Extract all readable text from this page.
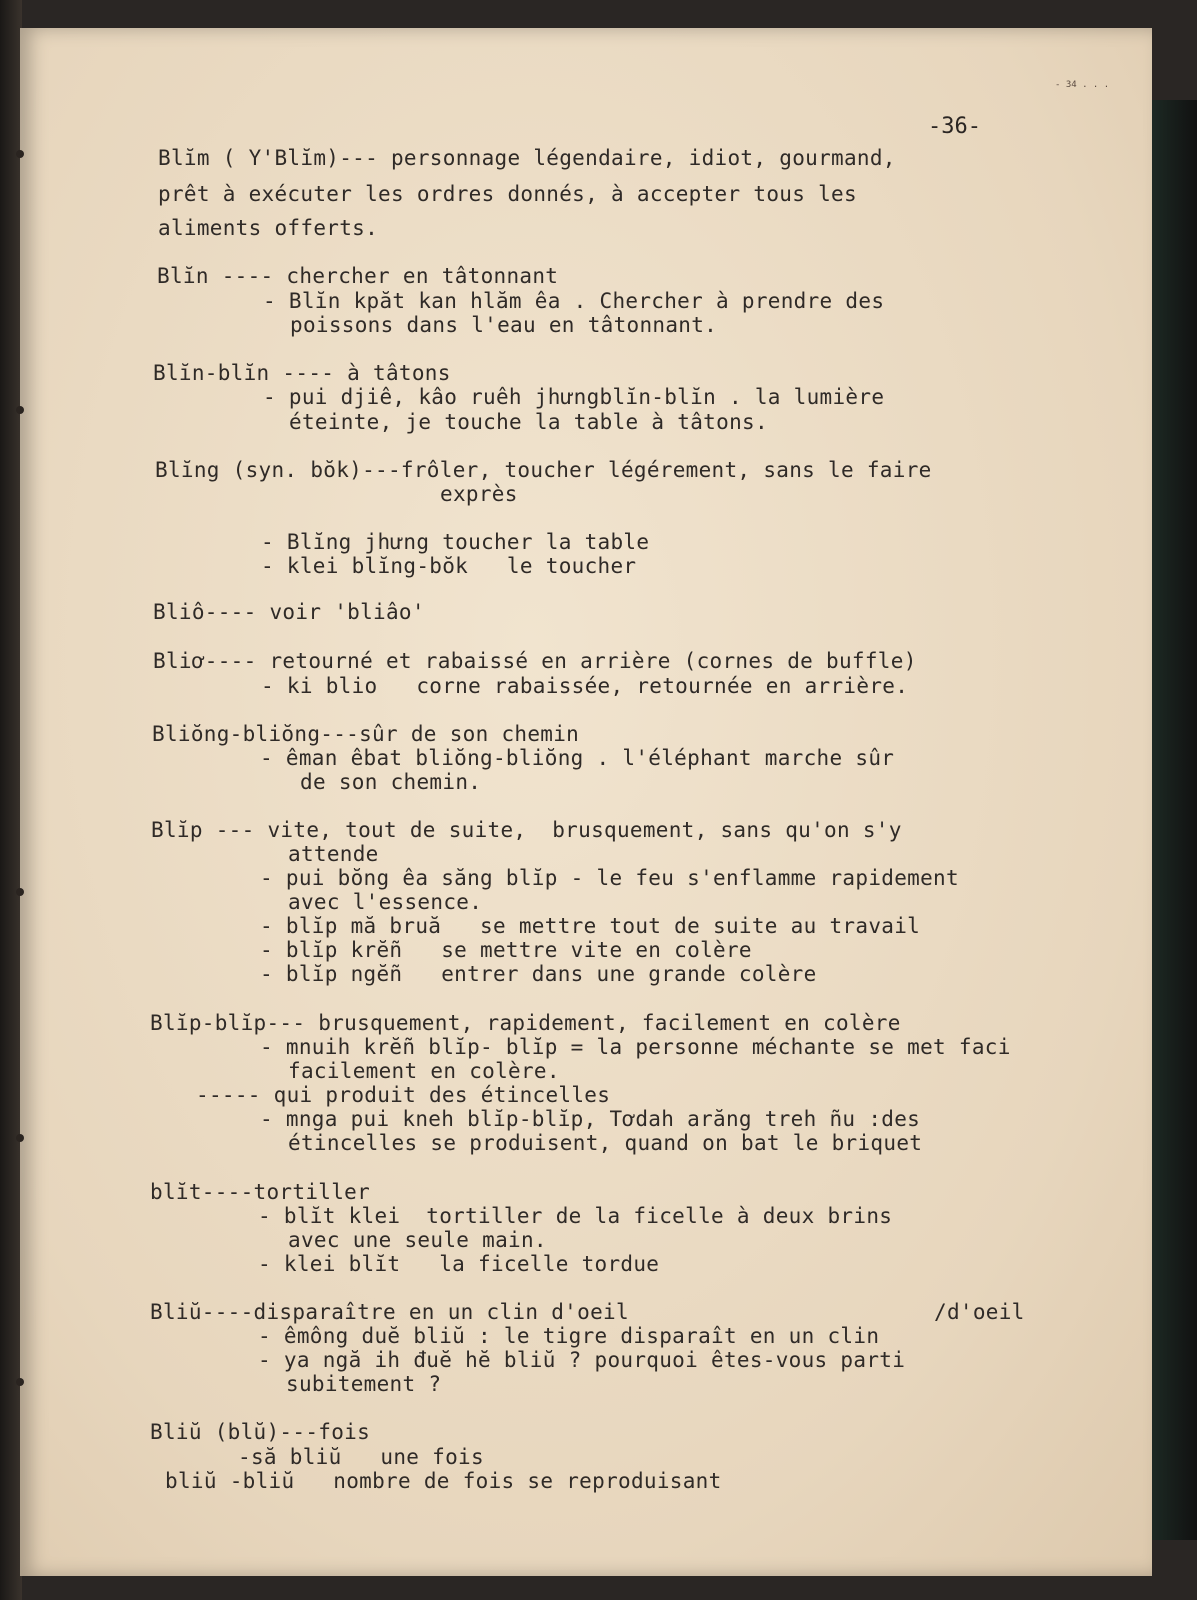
- 34 . . .
-36-
Blĭm ( Y'Blĭm)--- personnage légendaire, idiot, gourmand,
prêt à exécuter les ordres donnés, à accepter tous les
aliments offerts.
Blĭn ---- chercher en tâtonnant
- Blĭn kpăt kan hlăm êa . Chercher à prendre des
poissons dans l'eau en tâtonnant.
Blĭn-blĭn ---- à tâtons
- pui djiê, kâo ruêh jhưngblĭn-blĭn . la lumière
éteinte, je touche la table à tâtons.
Blĭng (syn. bŏk)---frôler, toucher légérement, sans le faire
exprès
- Blĭng jhưng toucher la table
- klei blĭng-bŏk   le toucher
Bliô---- voir 'bliâo'
Bliơ---- retourné et rabaissé en arrière (cornes de buffle)
- ki blio   corne rabaissée, retournée en arrière.
Bliŏng-bliŏng---sûr de son chemin
- êman êbat bliŏng-bliŏng . l'éléphant marche sûr
de son chemin.
Blĭp --- vite, tout de suite,  brusquement, sans qu'on s'y
attende
- pui bŏng êa săng blĭp - le feu s'enflamme rapidement
avec l'essence.
- blĭp mă bruă   se mettre tout de suite au travail
- blĭp krĕñ   se mettre vite en colère
- blĭp ngĕñ   entrer dans une grande colère
Blĭp-blĭp--- brusquement, rapidement, facilement en colère
- mnuih krĕñ blĭp- blĭp = la personne méchante se met faci
facilement en colère.
----- qui produit des étincelles
- mnga pui kneh blĭp-blĭp, Tơdah arăng treh ñu :des
étincelles se produisent, quand on bat le briquet
blĭt----tortiller
- blĭt klei  tortiller de la ficelle à deux brins
avec une seule main.
- klei blĭt   la ficelle tordue
Bliŭ----disparaître en un clin d'oeil	/d'oeil
- êmông duĕ bliŭ : le tigre disparaît en un clin
- ya ngă ih đuĕ hĕ bliŭ ? pourquoi êtes-vous parti
subitement ?
Bliŭ (blŭ)---fois
-să bliŭ   une fois
bliŭ -bliŭ   nombre de fois se reproduisant
